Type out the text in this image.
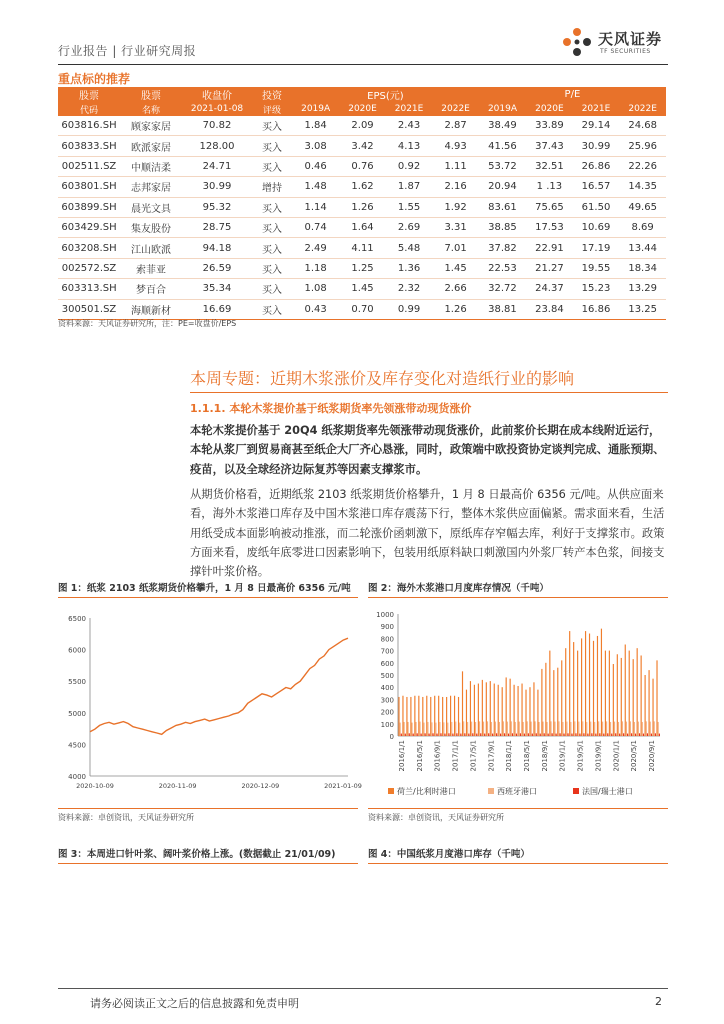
行业报告 | 行业研究周报
天风证券
TF SECURITIES
重点标的推荐
股票	股票	收盘价	投资	EPS(元)				P/E			
代码	名称	2021-01-08	评级	2019A	2020E	2021E	2022E	2019A	2020E	2021E	2022E
603816.SH	顾家家居	70.82	买入	1.84	2.09	2.43	2.87	38.49	33.89	29.14	24.68
603833.SH	欧派家居	128.00	买入	3.08	3.42	4.13	4.93	41.56	37.43	30.99	25.96
002511.SZ	中顺洁柔	24.71	买入	0.46	0.76	0.92	1.11	53.72	32.51	26.86	22.26
603801.SH	志邦家居	30.99	增持	1.48	1.62	1.87	2.16	20.94	1 .13	16.57	14.35
603899.SH	晨光文具	95.32	买入	1.14	1.26	1.55	1.92	83.61	75.65	61.50	49.65
603429.SH	集友股份	28.75	买入	0.74	1.64	2.69	3.31	38.85	17.53	10.69	8.69
603208.SH	江山欧派	94.18	买入	2.49	4.11	5.48	7.01	37.82	22.91	17.19	13.44
002572.SZ	索菲亚	26.59	买入	1.18	1.25	1.36	1.45	22.53	21.27	19.55	18.34
603313.SH	梦百合	35.34	买入	1.08	1.45	2.32	2.66	32.72	24.37	15.23	13.29
300501.SZ	海顺新材	16.69	买入	0.43	0.70	0.99	1.26	38.81	23.84	16.86	13.25
资料来源：天风证券研究所，注：PE=收盘价/EPS
本周专题：近期木浆涨价及库存变化对造纸行业的影响
1.1.1. 本轮木浆提价基于纸浆期货率先领涨带动现货涨价
本轮木浆提价基于 20Q4 纸浆期货率先领涨带动现货涨价，此前浆价长期在成本线附近运行，本轮从浆厂到贸易商甚至纸企大厂齐心恳涨，同时，政策端中欧投资协定谈判完成、通胀预期、疫苗，以及全球经济边际复苏等因素支撑浆市。
从期货价格看，近期纸浆 2103 纸浆期货价格攀升，1 月 8 日最高价 6356 元/吨。从供应面来看，海外木浆港口库存及中国木浆港口库存震荡下行，整体木浆供应面偏紧。需求面来看，生活用纸受成本面影响被动推涨，而二轮涨价函刺激下，原纸库存窄幅去库，利好于支撑浆市。政策方面来看，废纸年底零进口因素影响下，包装用纸原料缺口刺激国内外浆厂转产本色浆，间接支撑针叶浆价格。
图 1：纸浆 2103 纸浆期货价格攀升，1 月 8 日最高价 6356 元/吨
4000
4500
5000
5500
6000
6500
2020-10-09	2020-11-09	2020-12-09	2021-01-09
资料来源：卓创资讯，天风证券研究所
图 2：海外木浆港口月度库存情况（千吨）
0
100
200
300
400
500
600
700
800
900
1000
2016/1/1 2016/5/1 2016/9/1 2017/1/1 2017/5/1 2017/9/1 2018/1/1 2018/5/1 2018/9/1 2019/1/1 2019/5/1 2019/9/1 2020/1/1 2020/5/1 2020/9/1
荷兰/比利时港口	西班牙港口	法国/瑞士港口
资料来源：卓创资讯，天风证券研究所
图 3：本周进口针叶浆、阔叶浆价格上涨。(数据截止 21/01/09)	图 4：中国纸浆月度港口库存（千吨）
请务必阅读正文之后的信息披露和免责申明	2
